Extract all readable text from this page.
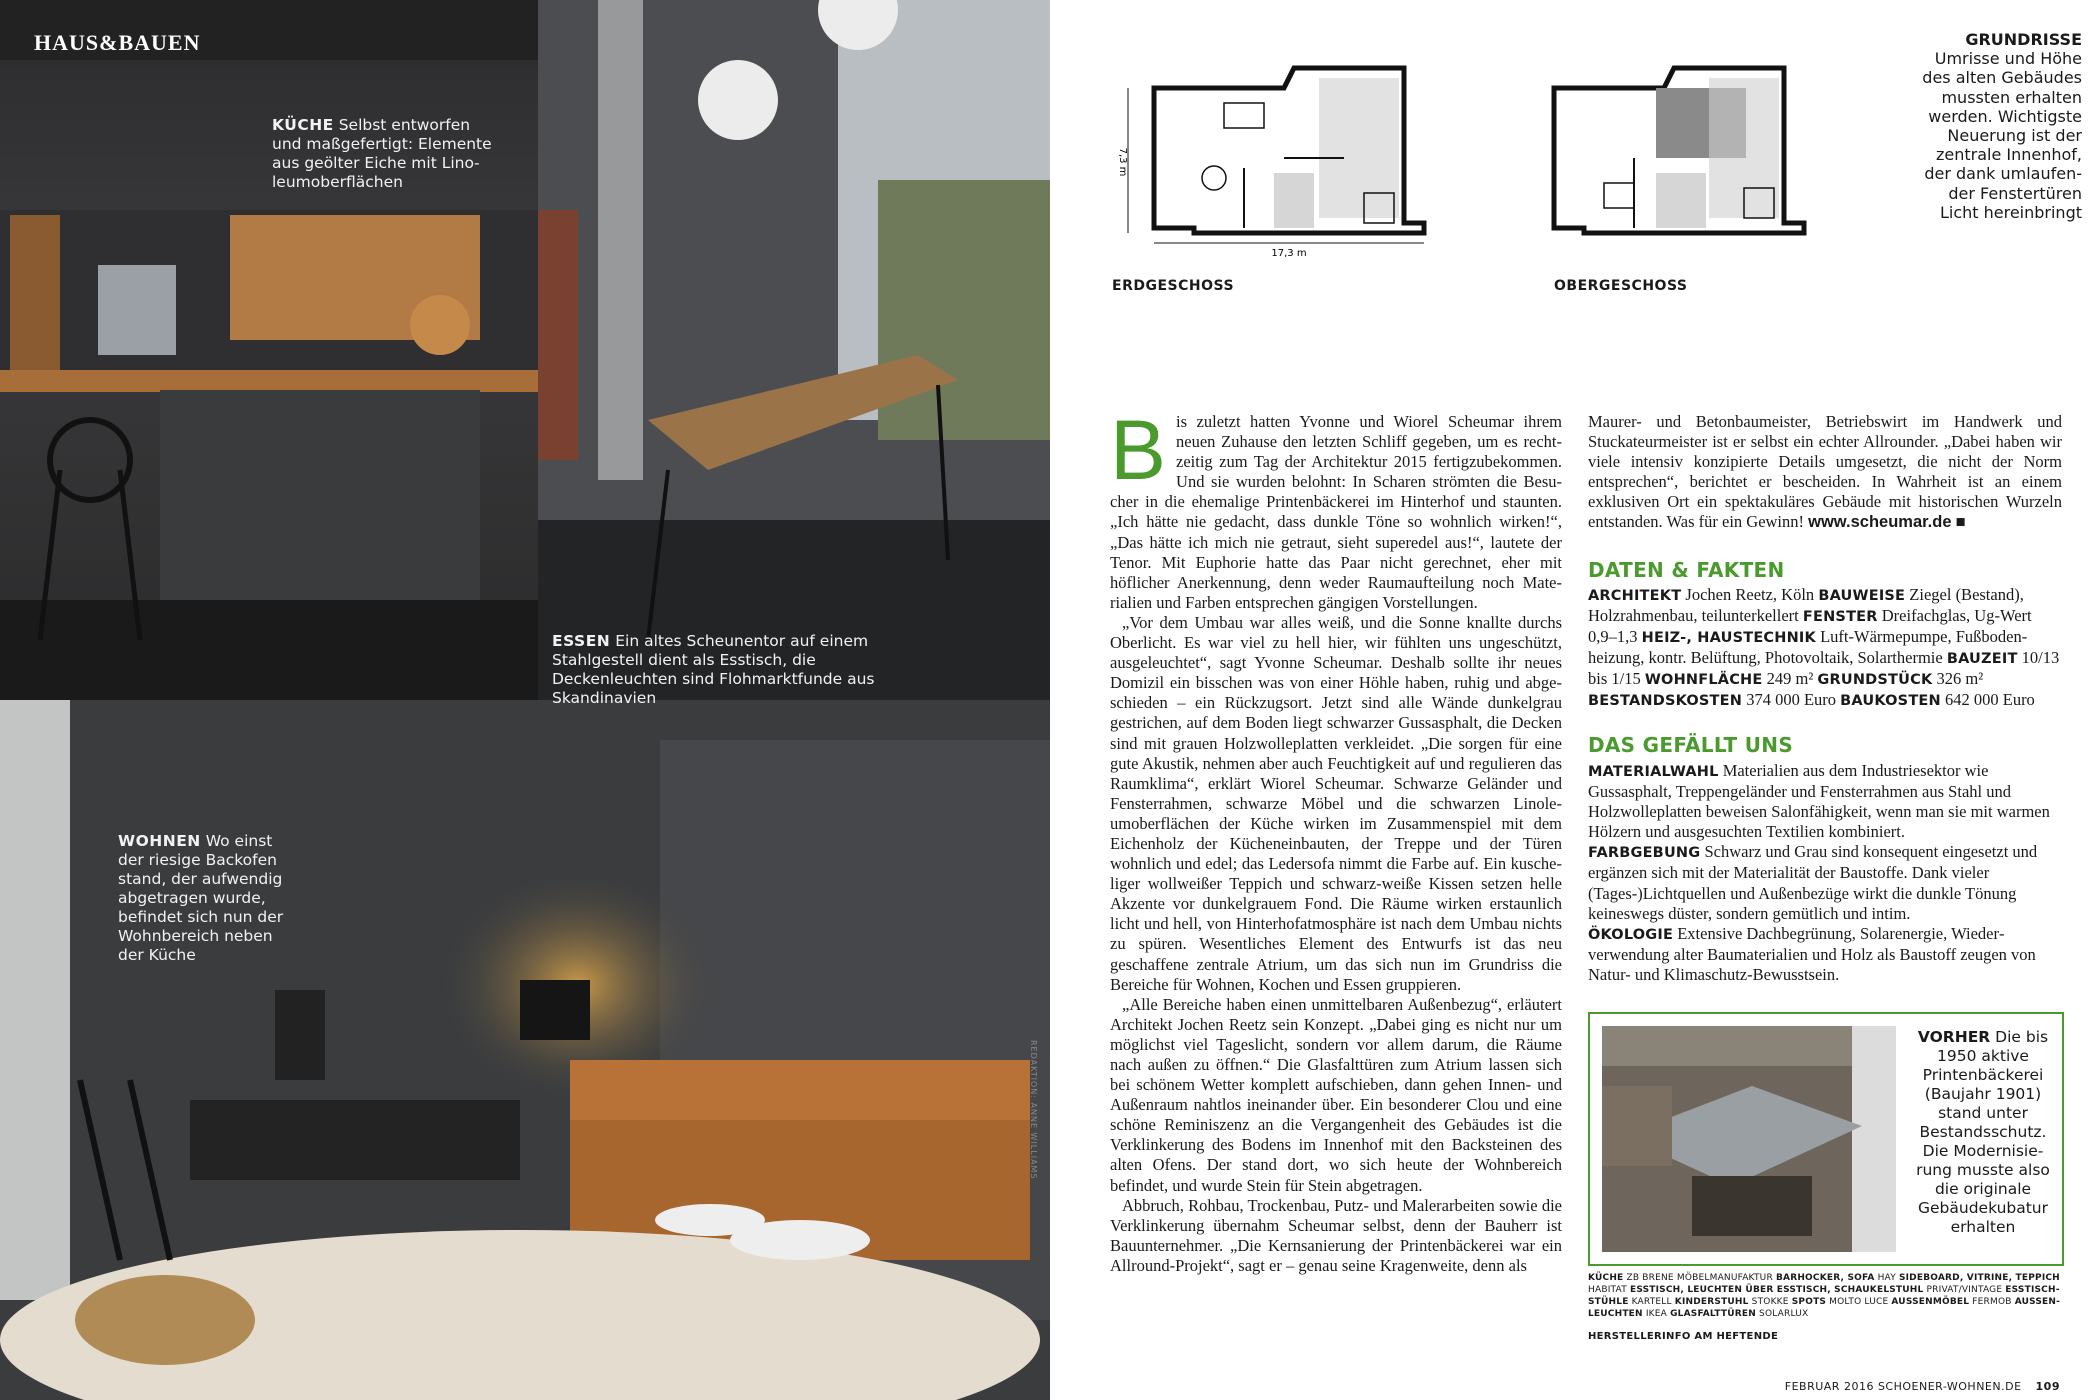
HAUS&BAUEN
KÜCHE Selbst entworfen und maßgefertigt: Elemente aus geölter Eiche mit Linoleumoberflächen
ESSEN Ein altes Scheunentor auf einem Stahlgestell dient als Esstisch, die Deckenleuchten sind Flohmarktfunde aus Skandinavien
WOHNEN Wo einst der riesige Backofen stand, der aufwendig abgetragen wurde, befindet sich nun der Wohnbereich neben der Küche
REDAKTION: ANNE WILLIAMS
7,3 m
17,3 m
ERDGESCHOSS	OBERGESCHOSS
GRUNDRISSE
Umrisse und Höhe des alten Gebäudes mussten erhalten werden. Wichtigste Neuerung ist der zentrale Innenhof, der dank umlaufender Fenstertüren Licht hereinbringt

Bis zuletzt hatten Yvonne und Wiorel Scheumar ihrem neuen Zuhause den letzten Schliff gegeben, um es rechtzeitig zum Tag der Architektur 2015 fertigzubekommen. Und sie wurden belohnt: In Scharen strömten die Besucher in die ehemalige Printenbäckerei im Hinterhof und staunten. „Ich hätte nie gedacht, dass dunkle Töne so wohnlich wirken!“, „Das hätte ich mich nie getraut, sieht superedel aus!“, lautete der Tenor. Mit Euphorie hatte das Paar nicht gerechnet, eher mit höflicher Anerkennung, denn weder Raumaufteilung noch Materialien und Farben entsprechen gängigen Vorstellungen.

„Vor dem Umbau war alles weiß, und die Sonne knallte durchs Oberlicht. Es war viel zu hell hier, wir fühlten uns ungeschützt, ausgeleuchtet“, sagt Yvonne Scheumar. Deshalb sollte ihr neues Domizil ein bisschen was von einer Höhle haben, ruhig und abgeschieden – ein Rückzugsort. Jetzt sind alle Wände dunkelgrau gestrichen, auf dem Boden liegt schwarzer Gussasphalt, die Decken sind mit grauen Holzwolleplatten verkleidet. „Die sorgen für eine gute Akustik, nehmen aber auch Feuchtigkeit auf und regulieren das Raumklima“, erklärt Wiorel Scheumar. Schwarze Geländer und Fensterrahmen, schwarze Möbel und die schwarzen Linoleumoberflächen der Küche wirken im Zusammenspiel mit dem Eichenholz der Kücheneinbauten, der Treppe und der Türen wohnlich und edel; das Ledersofa nimmt die Farbe auf. Ein kuscheliger wollweißer Teppich und schwarz-weiße Kissen setzen helle Akzente vor dunkelgrauem Fond. Die Räume wirken erstaunlich licht und hell, von Hinterhofatmosphäre ist nach dem Umbau nichts zu spüren. Wesentliches Element des Entwurfs ist das neu geschaffene zentrale Atrium, um das sich nun im Grundriss die Bereiche für Wohnen, Kochen und Essen gruppieren.

„Alle Bereiche haben einen unmittelbaren Außenbezug“, erläutert Architekt Jochen Reetz sein Konzept. „Dabei ging es nicht nur um möglichst viel Tageslicht, sondern vor allem darum, die Räume nach außen zu öffnen.“ Die Glasfalttüren zum Atrium lassen sich bei schönem Wetter komplett aufschieben, dann gehen Innen- und Außenraum nahtlos ineinander über. Ein besonderer Clou und eine schöne Reminiszenz an die Vergangenheit des Gebäudes ist die Verklinkerung des Bodens im Innenhof mit den Backsteinen des alten Ofens. Der stand dort, wo sich heute der Wohnbereich befindet, und wurde Stein für Stein abgetragen.

Abbruch, Rohbau, Trockenbau, Putz- und Malerarbeiten sowie die Verklinkerung übernahm Scheumar selbst, denn der Bauherr ist Bauunternehmer. „Die Kernsanierung der Printenbäckerei war ein Allround-Projekt“, sagt er – genau seine Kragenweite, denn als

Maurer- und Betonbaumeister, Betriebswirt im Handwerk und Stuckateurmeister ist er selbst ein echter Allrounder. „Dabei haben wir viele intensiv konzipierte Details umgesetzt, die nicht der Norm entsprechen“, berichtet er bescheiden. In Wahrheit ist an einem exklusiven Ort ein spektakuläres Gebäude mit historischen Wurzeln entstanden. Was für ein Gewinn! www.scheumar.de ■

DATEN & FAKTEN
ARCHITEKT Jochen Reetz, Köln BAUWEISE Ziegel (Bestand), Holzrahmenbau, teilunterkellert FENSTER Dreifachglas, Ug-Wert 0,9–1,3 HEIZ-, HAUSTECHNIK Luft-Wärmepumpe, Fußbodenheizung, kontr. Belüftung, Photovoltaik, Solarthermie BAUZEIT 10/13 bis 1/15 WOHNFLÄCHE 249 m² GRUNDSTÜCK 326 m² BESTANDSKOSTEN 374 000 Euro BAUKOSTEN 642 000 Euro
DAS GEFÄLLT UNS
MATERIALWAHL Materialien aus dem Industriesektor wie Gussasphalt, Treppengeländer und Fensterrahmen aus Stahl und Holzwolleplatten beweisen Salonfähigkeit, wenn man sie mit warmen Hölzern und ausgesuchten Textilien kombiniert.
FARBGEBUNG Schwarz und Grau sind konsequent eingesetzt und ergänzen sich mit der Materialität der Baustoffe. Dank vieler (Tages-)Lichtquellen und Außenbezüge wirkt die dunkle Tönung keineswegs düster, sondern gemütlich und intim.
ÖKOLOGIE Extensive Dachbegrünung, Solarenergie, Wiederverwendung alter Baumaterialien und Holz als Baustoff zeugen von Natur- und Klimaschutz-Bewusstsein.

VORHER Die bis 1950 aktive Printenbäckerei (Baujahr 1901) stand unter Bestandsschutz. Die Modernisierung musste also die originale Gebäudekubatur erhalten
KÜCHE ZB BRENE MÖBELMANUFAKTUR BARHOCKER, SOFA HAY SIDEBOARD, VITRINE, TEPPICH HABITAT ESSTISCH, LEUCHTEN ÜBER ESSTISCH, SCHAUKELSTUHL PRIVAT/VINTAGE ESSTISCHSTÜHLE KARTELL KINDERSTUHL STOKKE SPOTS MOLTO LUCE AUSSENMÖBEL FERMOB AUSSENLEUCHTEN IKEA GLASFALTTÜREN SOLARLUX
HERSTELLERINFO AM HEFTENDE
FEBRUAR 2016 SCHOENER-WOHNEN.DE 109
